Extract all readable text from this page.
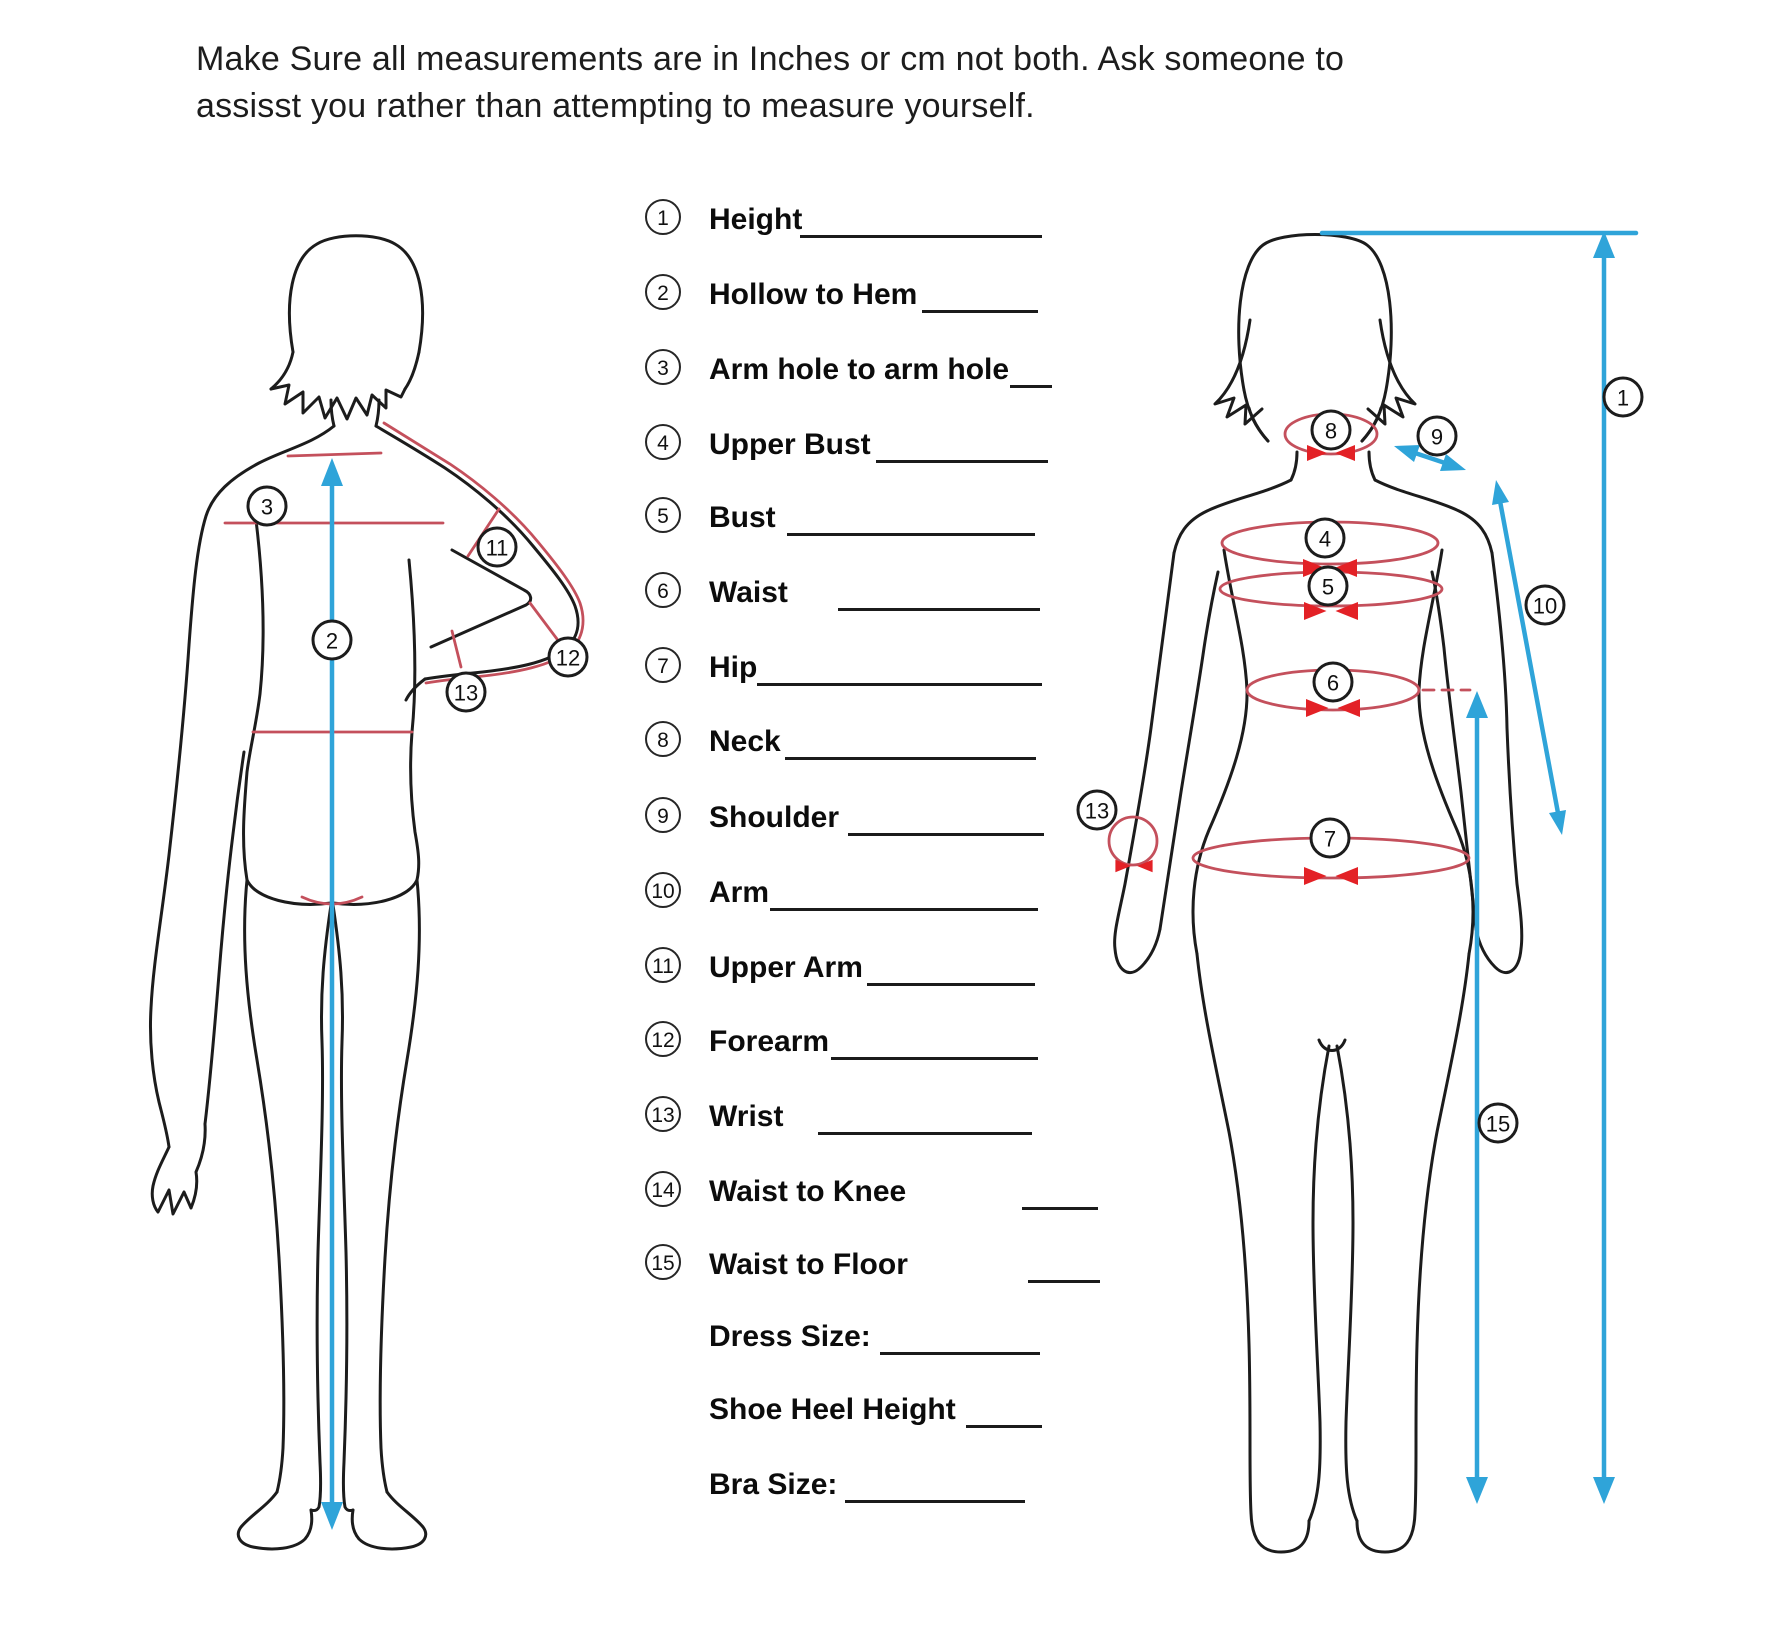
Make Sure all measurements are in Inches or cm not both. Ask someone to
assisst you rather than attempting to measure yourself.
3
11
2
12
13
8	9
1
4
5
10
6
13
7
15
1	Height
2	Hollow to Hem
3	Arm hole to arm hole
4	Upper Bust
5	Bust
6	Waist
7	Hip
8	Neck
9	Shoulder
10 Arm
11 Upper Arm
12 Forearm
13 Wrist
14 Waist to Knee
15 Waist to Floor
Dress Size:
Shoe Heel Height
Bra Size:
